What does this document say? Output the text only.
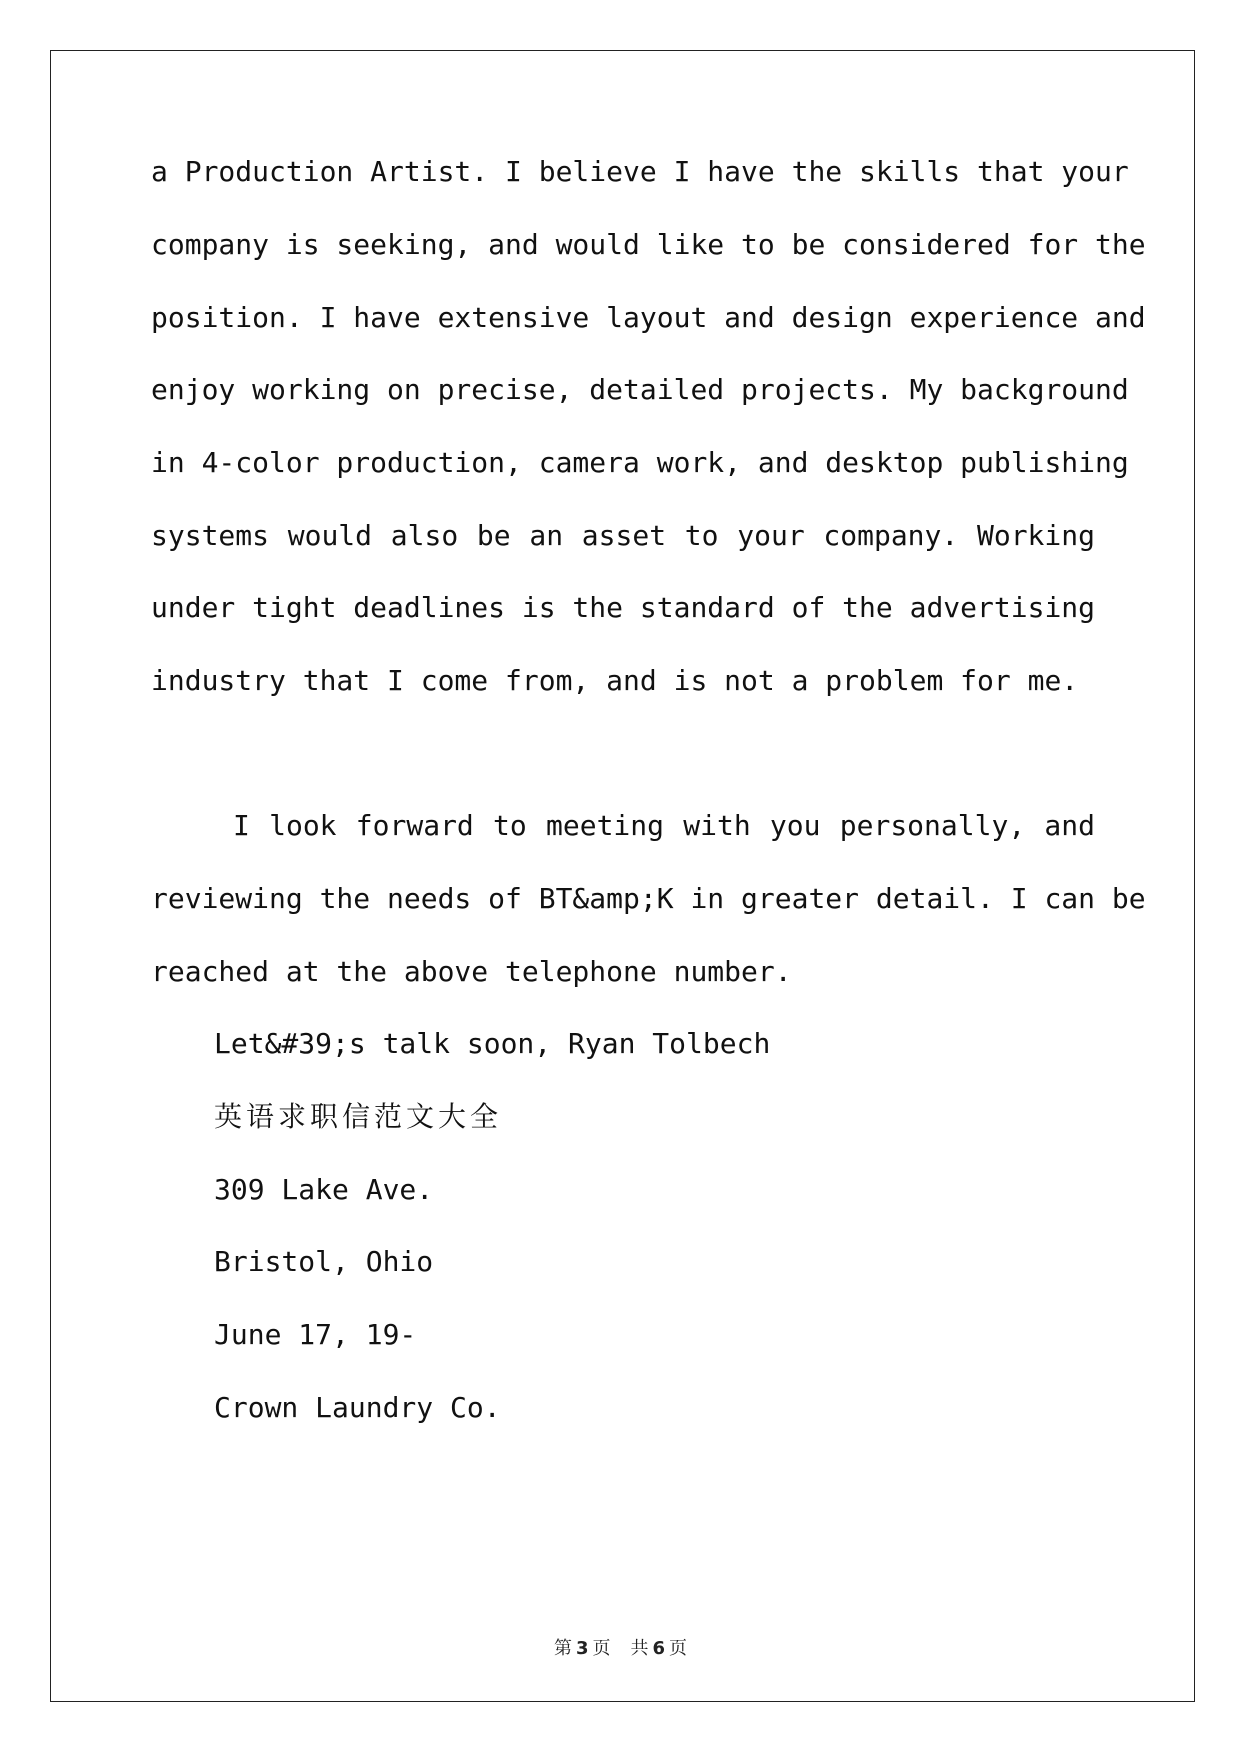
a Production Artist. I believe I have the skills that your
company is seeking, and would like to be considered for the
position. I have extensive layout and design experience and
enjoy working on precise, detailed projects. My background
in 4-color production, camera work, and desktop publishing
systems would also be an asset to your company. Working
under tight deadlines is the standard of the advertising
industry that I come from, and is not a problem for me.
I look forward to meeting with you personally, and
reviewing the needs of BT&amp;K in greater detail. I can be
reached at the above telephone number.
Let&#39;s talk soon, Ryan Tolbech
英语求职信范文大全
309 Lake Ave.
Bristol, Ohio
June 17, 19-
Crown Laundry Co.
第 3 页 共 6 页
